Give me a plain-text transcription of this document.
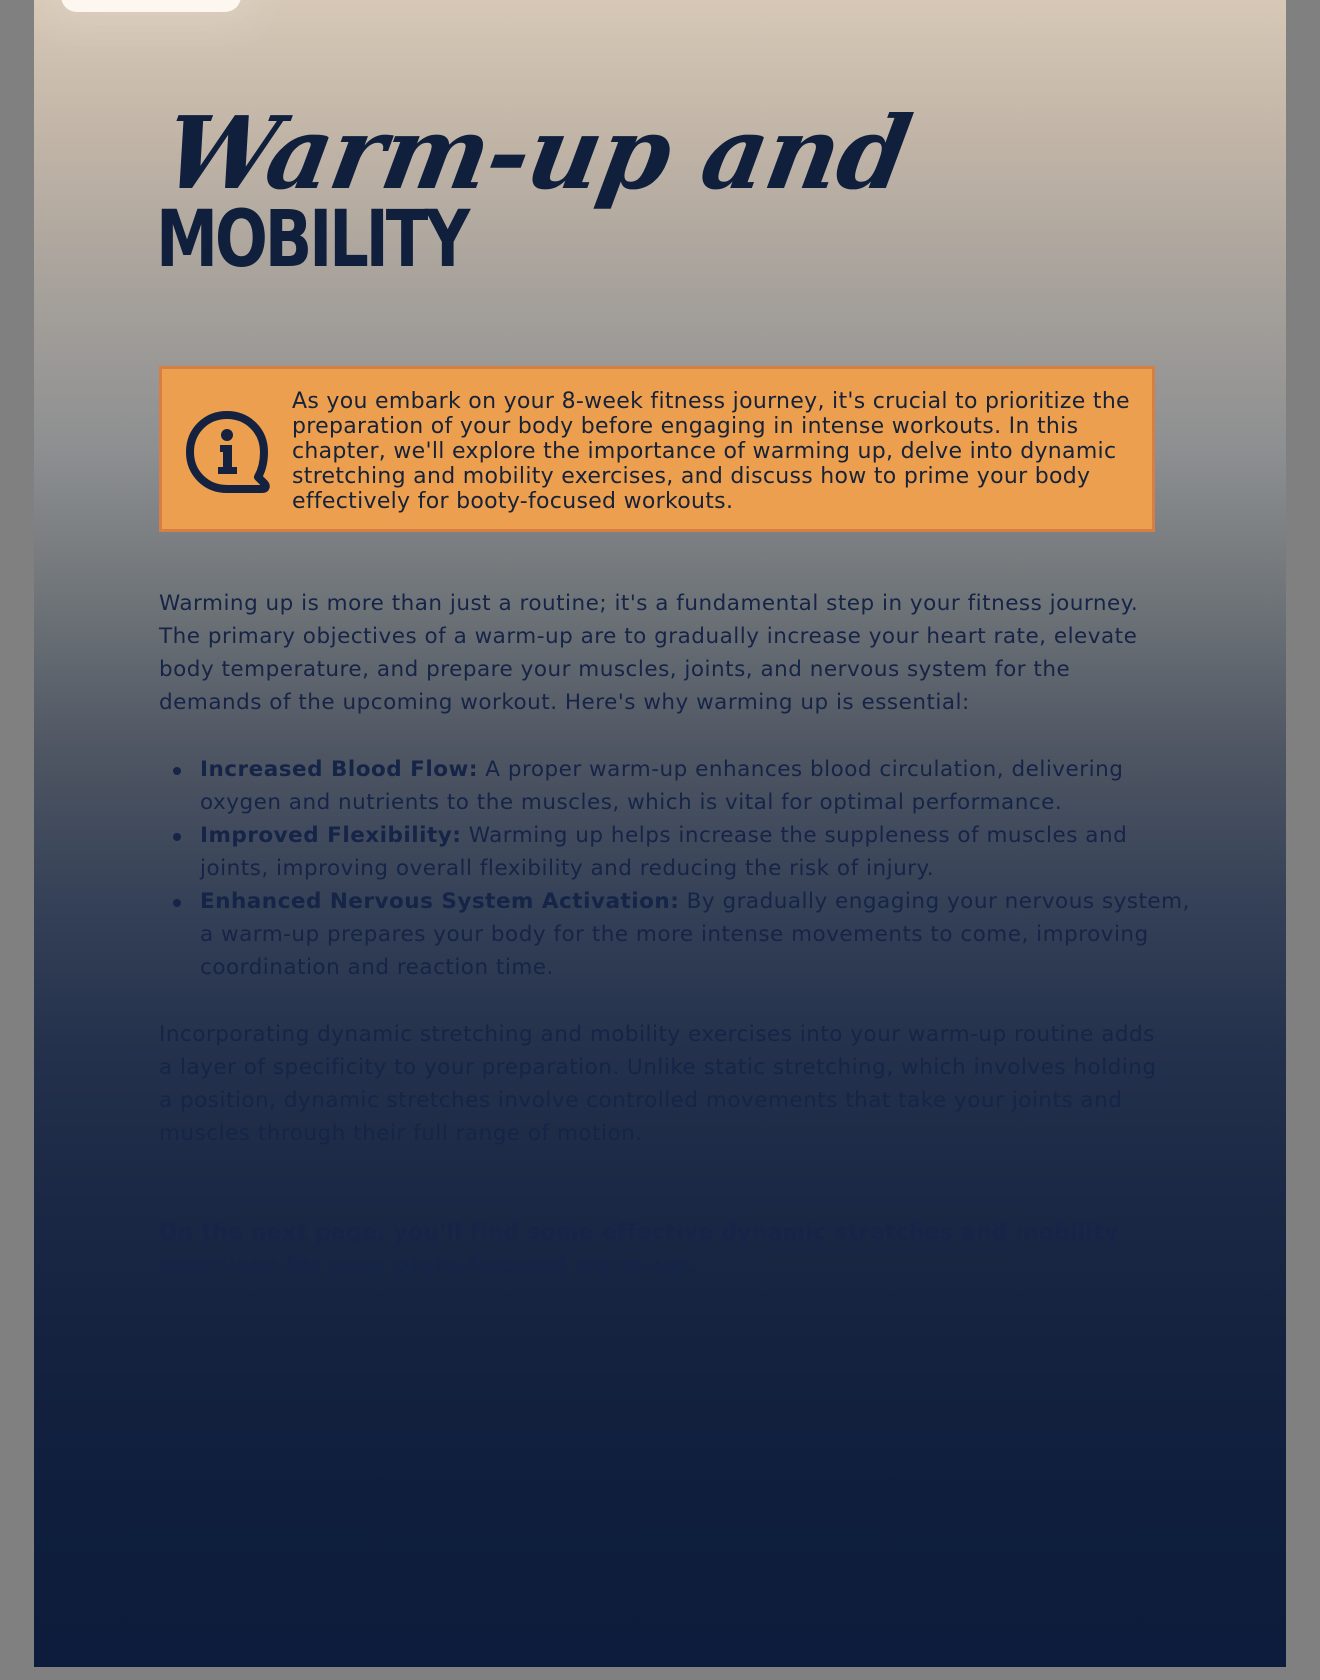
Warm-up and
MOBILITY
As you embark on your 8-week fitness journey, it's crucial to prioritize the preparation of your body before engaging in intense workouts. In this chapter, we'll explore the importance of warming up, delve into dynamic stretching and mobility exercises, and discuss how to prime your body effectively for booty-focused workouts.
Warming up is more than just a routine; it's a fundamental step in your fitness journey. The primary objectives of a warm-up are to gradually increase your heart rate, elevate body temperature, and prepare your muscles, joints, and nervous system for the demands of the upcoming workout. Here's why warming up is essential:
Increased Blood Flow: A proper warm-up enhances blood circulation, delivering oxygen and nutrients to the muscles, which is vital for optimal performance.
Improved Flexibility: Warming up helps increase the suppleness of muscles and joints, improving overall flexibility and reducing the risk of injury.
Enhanced Nervous System Activation: By gradually engaging your nervous system, a warm-up prepares your body for the more intense movements to come, improving coordination and reaction time.
Incorporating dynamic stretching and mobility exercises into your warm-up routine adds a layer of specificity to your preparation. Unlike static stretching, which involves holding a position, dynamic stretches involve controlled movements that take your joints and muscles through their full range of motion.
On the next page, you'll find some effective dynamic stretches and mobility exercises for your glute-focused warm-up.
